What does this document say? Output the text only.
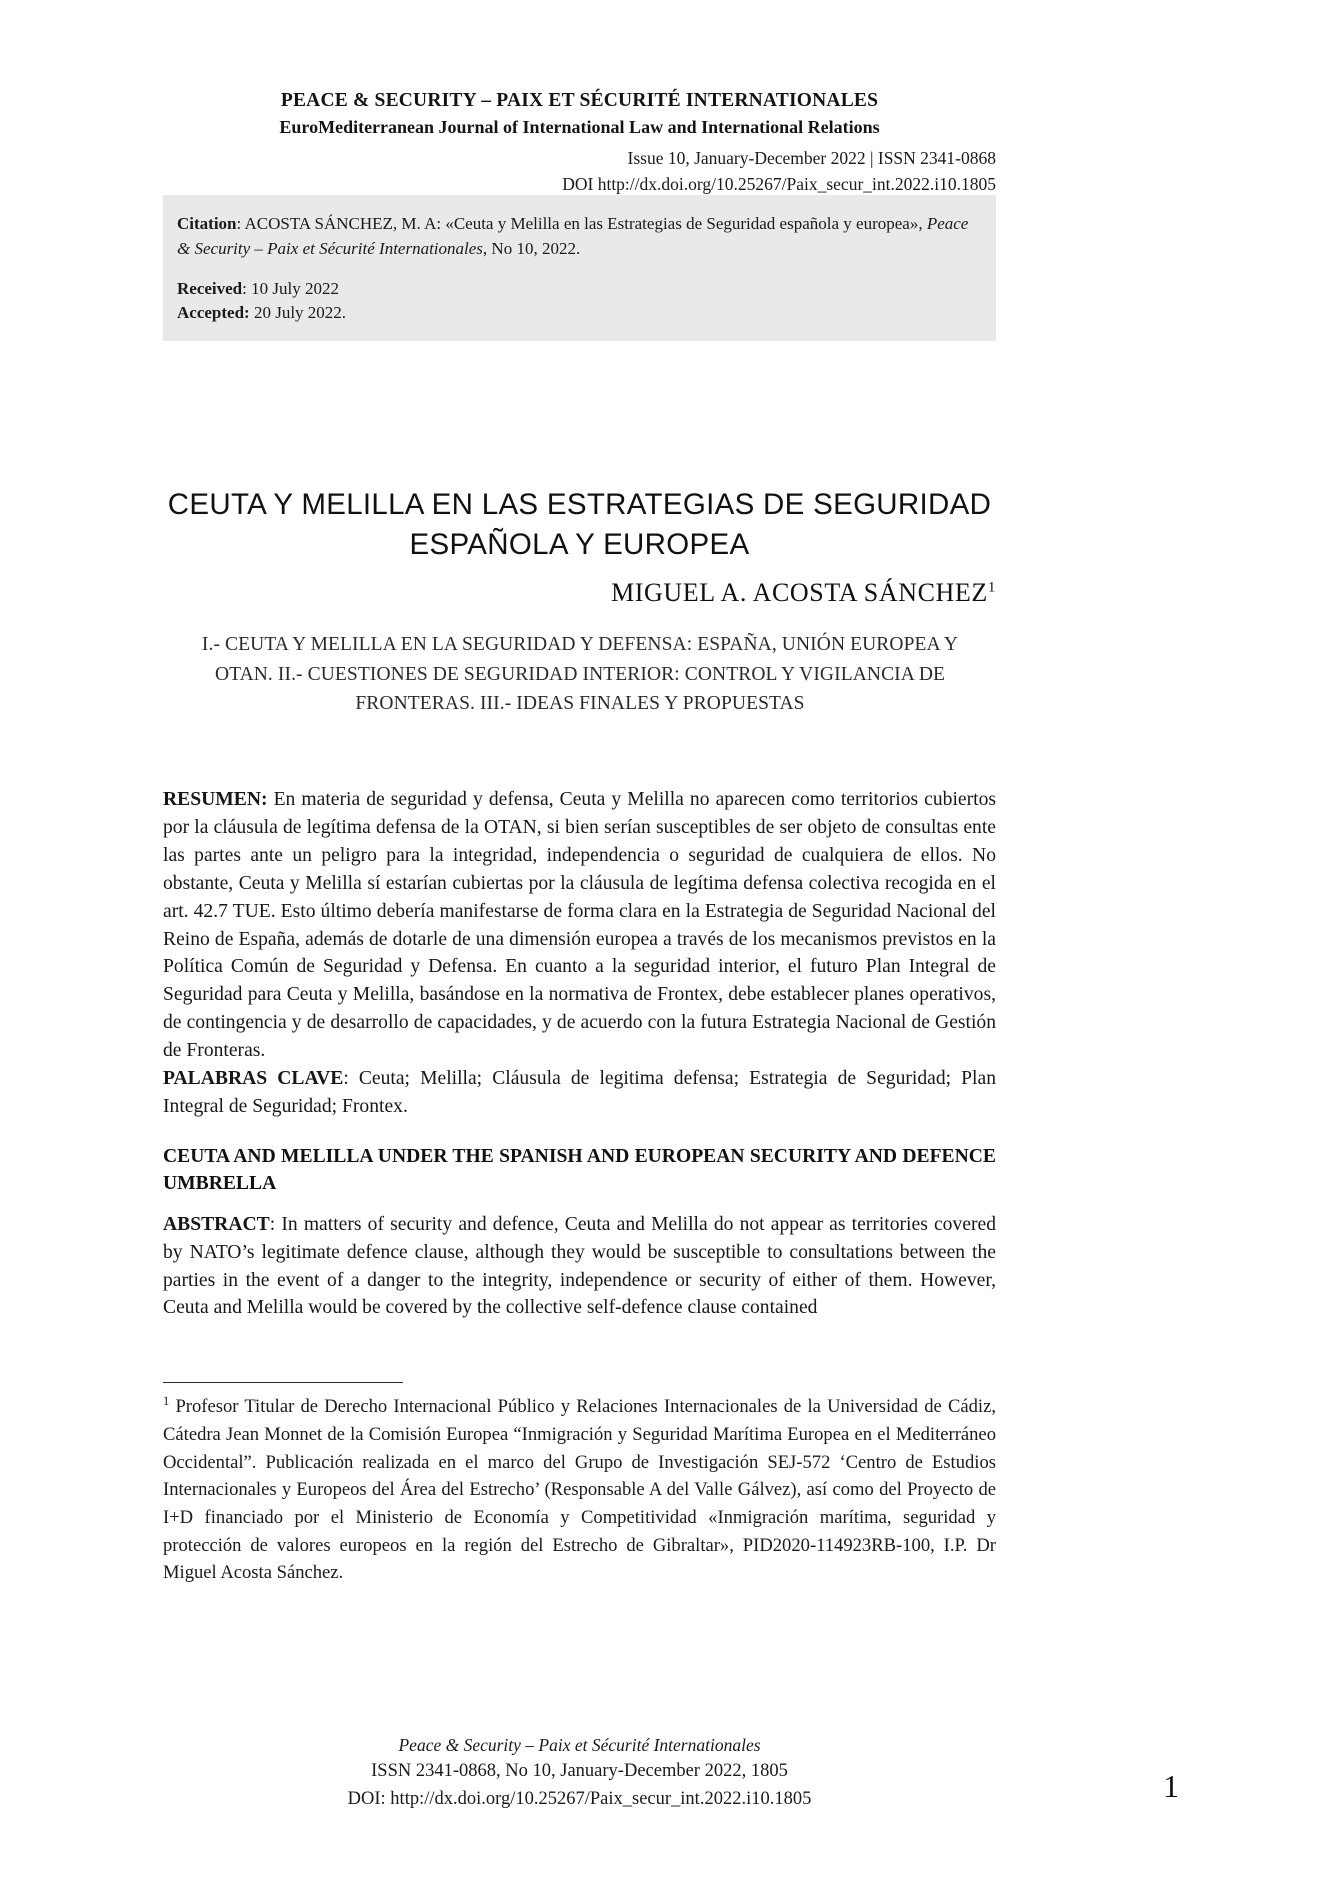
PEACE & SECURITY – PAIX ET SÉCURITÉ INTERNATIONALES
EuroMediterranean Journal of International Law and International Relations
Issue 10, January-December 2022 | ISSN 2341-0868
DOI http://dx.doi.org/10.25267/Paix_secur_int.2022.i10.1805
Citation: ACOSTA SÁNCHEZ, M. A: «Ceuta y Melilla en las Estrategias de Seguridad española y europea», Peace & Security – Paix et Sécurité Internationales, No 10, 2022.
Received: 10 July 2022
Accepted: 20 July 2022.
CEUTA Y MELILLA EN LAS ESTRATEGIAS DE SEGURIDAD ESPAÑOLA Y EUROPEA
MIGUEL A. ACOSTA SÁNCHEZ$^1$
I.- CEUTA Y MELILLA EN LA SEGURIDAD Y DEFENSA: ESPAÑA, UNIÓN EUROPEA Y OTAN. II.- CUESTIONES DE SEGURIDAD INTERIOR: CONTROL Y VIGILANCIA DE FRONTERAS. III.- IDEAS FINALES Y PROPUESTAS

RESUMEN: En materia de seguridad y defensa, Ceuta y Melilla no aparecen como territorios cubiertos por la cláusula de legítima defensa de la OTAN, si bien serían susceptibles de ser objeto de consultas ente las partes ante un peligro para la integridad, independencia o seguridad de cualquiera de ellos. No obstante, Ceuta y Melilla sí estarían cubiertas por la cláusula de legítima defensa colectiva recogida en el art. 42.7 TUE. Esto último debería manifestarse de forma clara en la Estrategia de Seguridad Nacional del Reino de España, además de dotarle de una dimensión europea a través de los mecanismos previstos en la Política Común de Seguridad y Defensa. En cuanto a la seguridad interior, el futuro Plan Integral de Seguridad para Ceuta y Melilla, basándose en la normativa de Frontex, debe establecer planes operativos, de contingencia y de desarrollo de capacidades, y de acuerdo con la futura Estrategia Nacional de Gestión de Fronteras.

PALABRAS CLAVE: Ceuta; Melilla; Cláusula de legitima defensa; Estrategia de Seguridad; Plan Integral de Seguridad; Frontex.

CEUTA AND MELILLA UNDER THE SPANISH AND EUROPEAN SECURITY AND DEFENCE UMBRELLA

ABSTRACT: In matters of security and defence, Ceuta and Melilla do not appear as territories covered by NATO’s legitimate defence clause, although they would be susceptible to consultations between the parties in the event of a danger to the integrity, independence or security of either of them. However, Ceuta and Melilla would be covered by the collective self-defence clause contained

$^1$ Profesor Titular de Derecho Internacional Público y Relaciones Internacionales de la Universidad de Cádiz, Cátedra Jean Monnet de la Comisión Europea “Inmigración y Seguridad Marítima Europea en el Mediterráneo Occidental”. Publicación realizada en el marco del Grupo de Investigación SEJ-572 ‘Centro de Estudios Internacionales y Europeos del Área del Estrecho’ (Responsable A del Valle Gálvez), así como del Proyecto de I+D financiado por el Ministerio de Economía y Competitividad «Inmigración marítima, seguridad y protección de valores europeos en la región del Estrecho de Gibraltar», PID2020-114923RB-100, I.P. Dr Miguel Acosta Sánchez.

Peace & Security – Paix et Sécurité Internationales
ISSN 2341-0868, No 10, January-December 2022, 1805
DOI: http://dx.doi.org/10.25267/Paix_secur_int.2022.i10.1805	1
